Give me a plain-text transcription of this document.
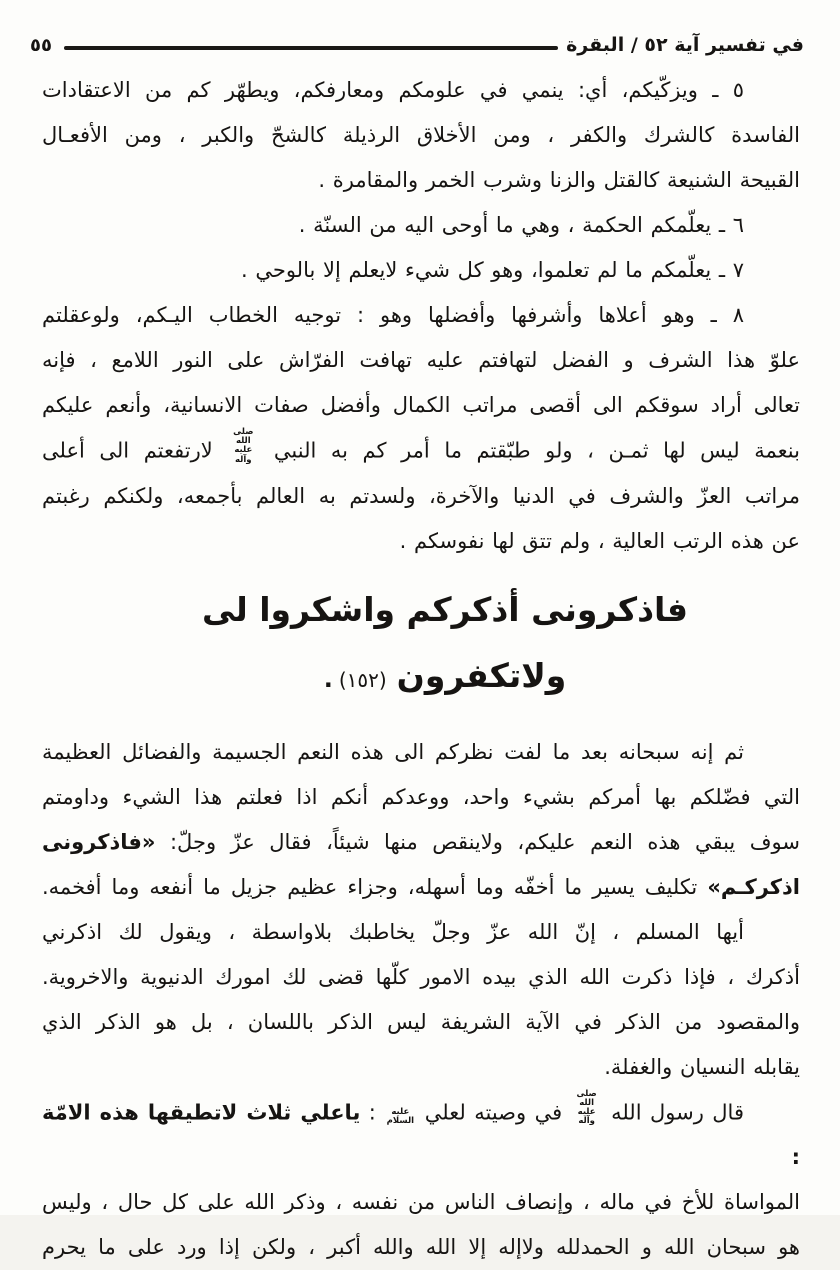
في تفسير آية ٥٢ / البقرة
٥٥
٥ ـ ويزكّيكم، أي: ينمي في علومكم ومعارفكم، ويطهّر كم من الاعتقادات
الفاسدة كالشرك والكفر ، ومن الأخلاق الرذيلة كالشحّ والكبر ، ومن الأفعـال
القبيحة الشنيعة كالقتل والزنا وشرب الخمر والمقامرة .
٦ ـ يعلّمكم الحكمة ، وهي ما أوحى اليه من السنّة .
٧ ـ يعلّمكم ما لم تعلموا، وهو كل شيء لايعلم إلا بالوحي .
٨ ـ وهو أعلاها وأشرفها وأفضلها وهو : توجيه الخطاب اليـكم، ولوعقلتم
علوّ هذا الشرف و الفضل لتهافتم عليه تهافت الفرّاش على النور اللامع ، فإنه
تعالى أراد سوقكم الى أقصى مراتب الكمال وأفضل صفات الانسانية، وأنعم عليكم
بنعمة ليس لها ثمـن ، ولو طبّقتم ما أمر كم به النبي صلى الله عليه وآله لارتفعتم الى أعلى
مراتب العزّ والشرف في الدنيا والآخرة، ولسدتم به العالم بأجمعه، ولكنكم رغبتم
عن هذه الرتب العالية ، ولم تتق لها نفوسكم .
فاذكرونى أذكركم واشكروا لى ولاتكفرون(١٥٢).
ثم إنه سبحانه بعد ما لفت نظركم الى هذه النعم الجسيمة والفضائل العظيمة
التي فضّلكم بها أمركم بشيء واحد، ووعدكم أنكم اذا فعلتم هذا الشيء وداومتم
سوف يبقي هذه النعم عليكم، ولاينقص منها شيئاً، فقال عزّ وجلّ: «فاذكرونى
اذكركـم» تكليف يسير ما أخفّه وما أسهله، وجزاء عظيم جزيل ما أنفعه وما أفخمه.
أيها المسلم ، إنّ الله عزّ وجلّ يخاطبك بلاواسطة ، ويقول لك اذكرني
أذكرك ، فإذا ذكرت الله الذي بيده الامور كلّها قضى لك امورك الدنيوية والاخروية.
والمقصود من الذكر في الآية الشريفة ليس الذكر باللسان ، بل هو الذكر الذي
يقابله النسيان والغفلة.
قال رسول الله صلى الله عليه وآله في وصيته لعلي عليه السلام : ياعلي ثلاث لاتطيقها هذه الامّة :
المواساة للأخ في ماله ، وإنصاف الناس من نفسه ، وذكر الله على كل حال ، وليس
هو سبحان الله و الحمدلله ولاإله إلا الله والله أكبر ، ولكن إذا ورد على ما يحرم
